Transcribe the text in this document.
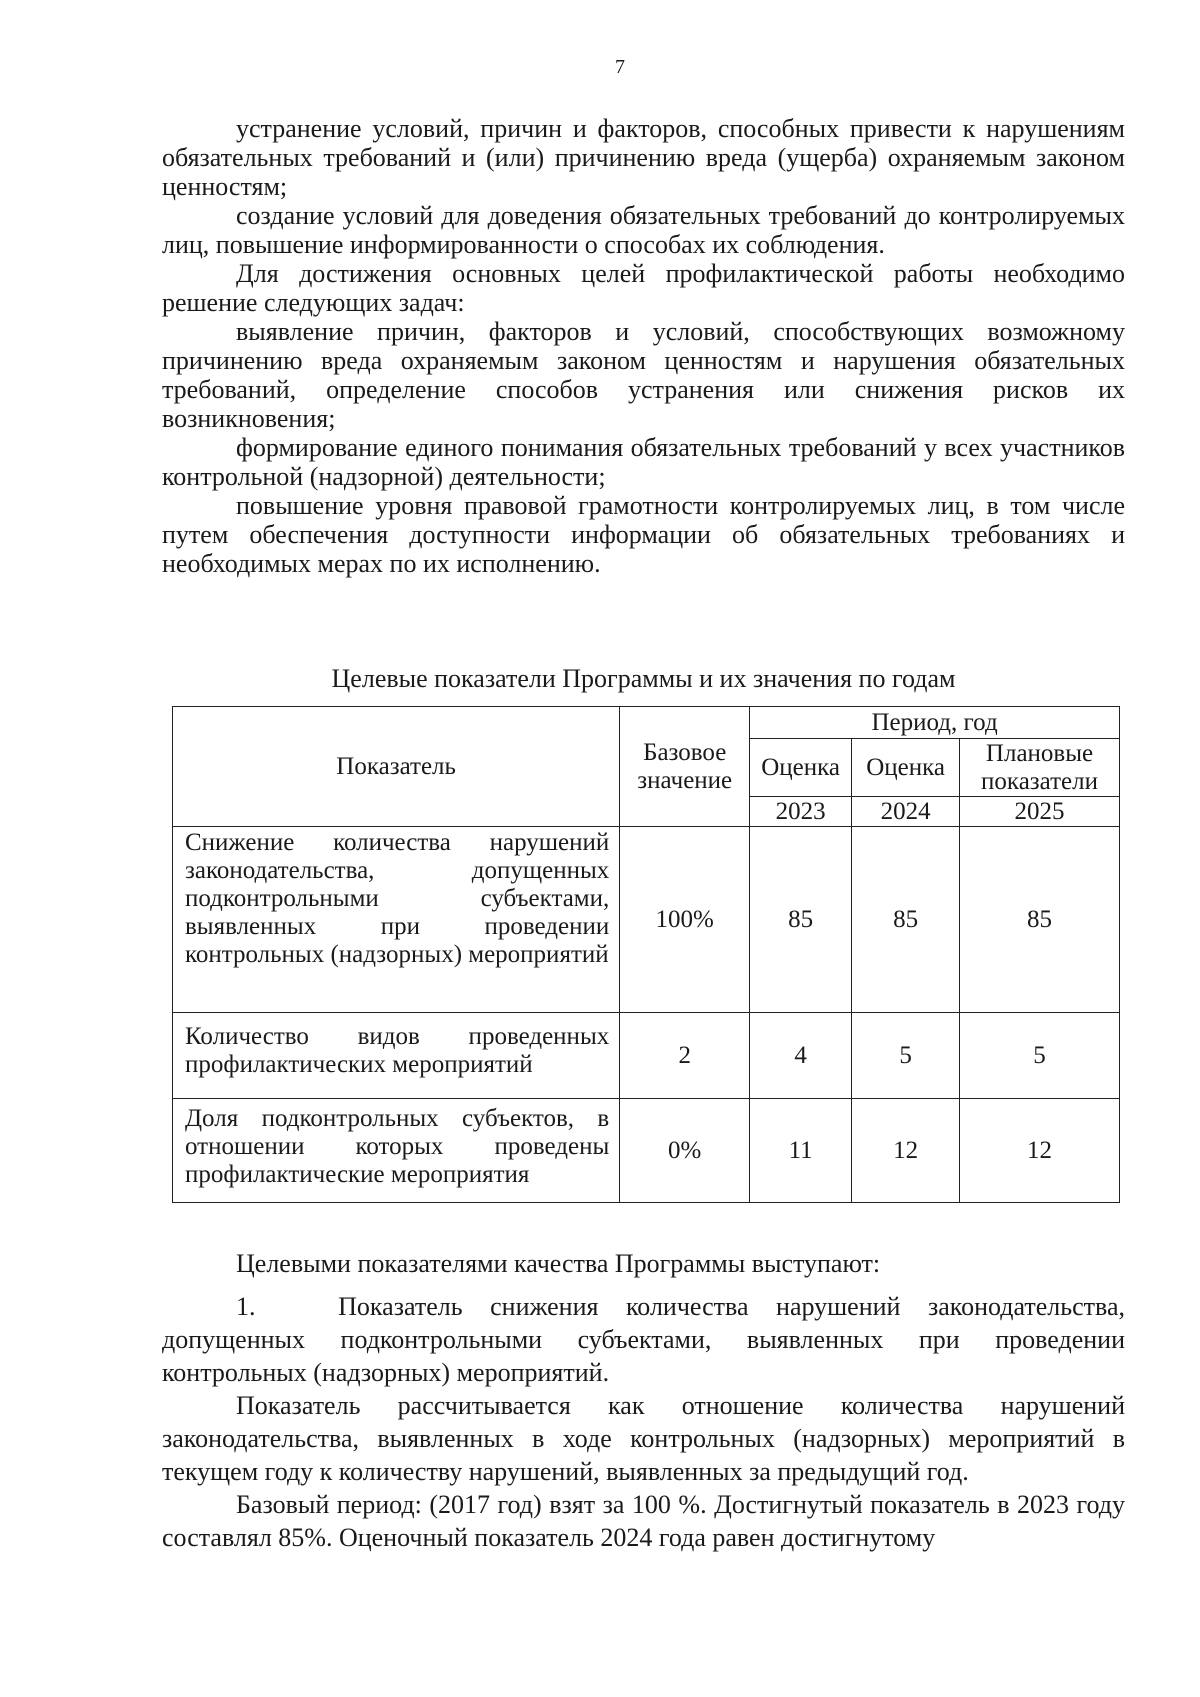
7

устранение условий, причин и факторов, способных привести к нарушениям обязательных требований и (или) причинению вреда (ущерба) охраняемым законом ценностям;

создание условий для доведения обязательных требований до контролируемых лиц, повышение информированности о способах их соблюдения.

Для достижения основных целей профилактической работы необходимо решение следующих задач:

выявление причин, факторов и условий, способствующих возможному причинению вреда охраняемым законом ценностям и нарушения обязательных требований, определение способов устранения или снижения рисков их возникновения;

формирование единого понимания обязательных требований у всех участников контрольной (надзорной) деятельности;

повышение уровня правовой грамотности контролируемых лиц, в том числе путем обеспечения доступности информации об обязательных требованиях и необходимых мерах по их исполнению.

Целевые показатели Программы и их значения по годам
Показатель	Базовое значение	Период, год		
		Оценка	Оценка	Плановые показатели
		2023	2024	2025
Снижение количества нарушений законодательства, допущенных подконтрольными субъектами, выявленных при проведении контрольных (надзорных) мероприятий	100%	85	85	85
Количество видов проведенных профилактических мероприятий	2	4	5	5
Доля подконтрольных субъектов, в отношении которых проведены профилактические мероприятия	0%	11	12	12

Целевыми показателями качества Программы выступают:

1.   Показатель снижения количества нарушений законодательства, допущенных подконтрольными субъектами, выявленных при проведении контрольных (надзорных) мероприятий.

Показатель рассчитывается как отношение количества нарушений законодательства, выявленных в ходе контрольных (надзорных) мероприятий в текущем году к количеству нарушений, выявленных за предыдущий год.

Базовый период: (2017 год) взят за 100 %. Достигнутый показатель в 2023 году составлял 85%. Оценочный показатель 2024 года равен достигнутому
